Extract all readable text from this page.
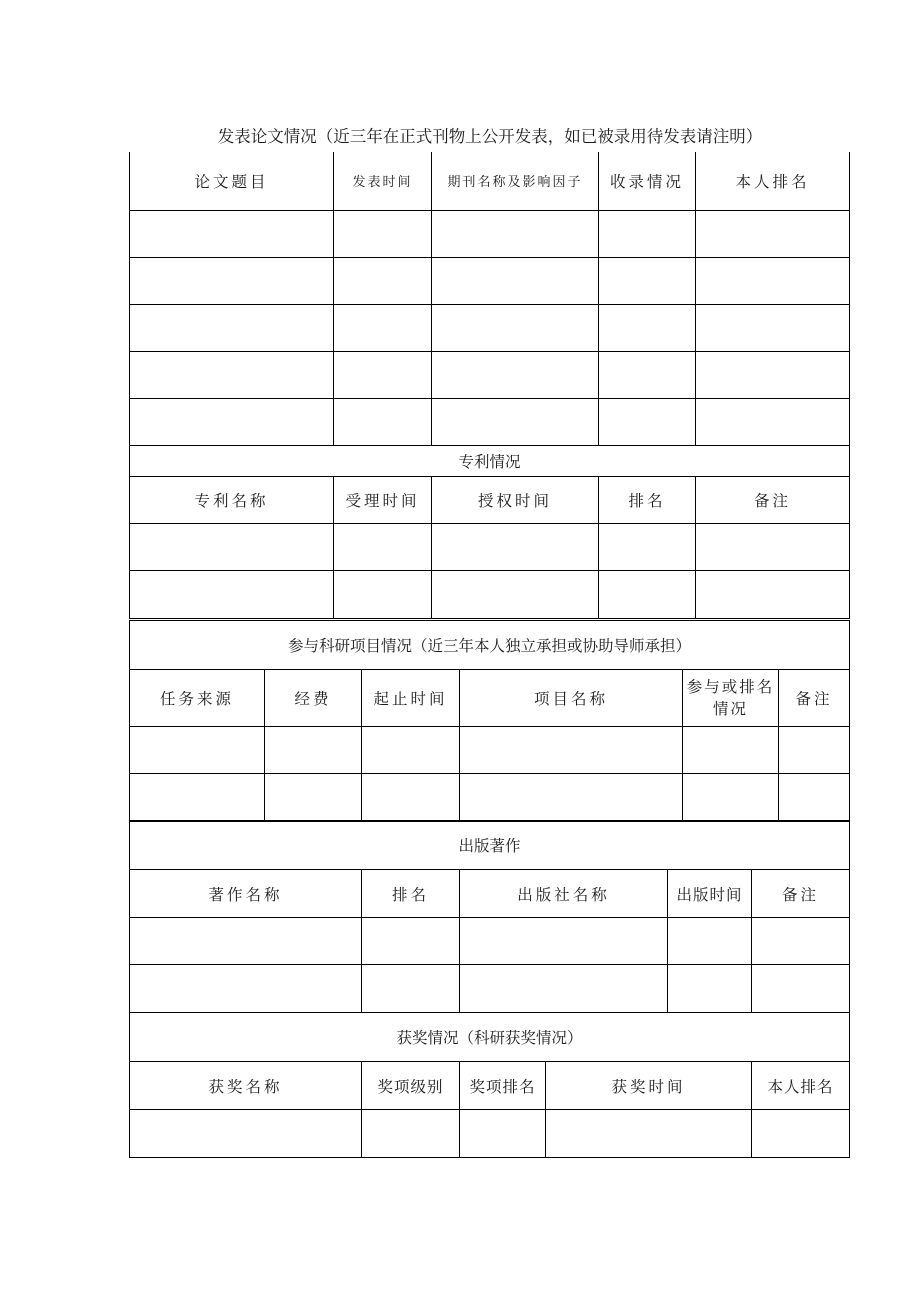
发表论文情况（近三年在正式刊物上公开发表，如已被录用待发表请注明）
论文题目	发表时间	期刊名称及影响因子	收录情况	本人排名

专利情况				
专利名称	受理时间	授权时间	排名	备注

参与科研项目情况（近三年本人独立承担或协助导师承担）					
任务来源	经费	起止时间	项目名称	参与或排名情况	备注

出版著作				
著作名称	排名	出版社名称	出版时间	备注

获奖情况（科研获奖情况）				
获奖名称	奖项级别	奖项排名	获奖时间	本人排名
